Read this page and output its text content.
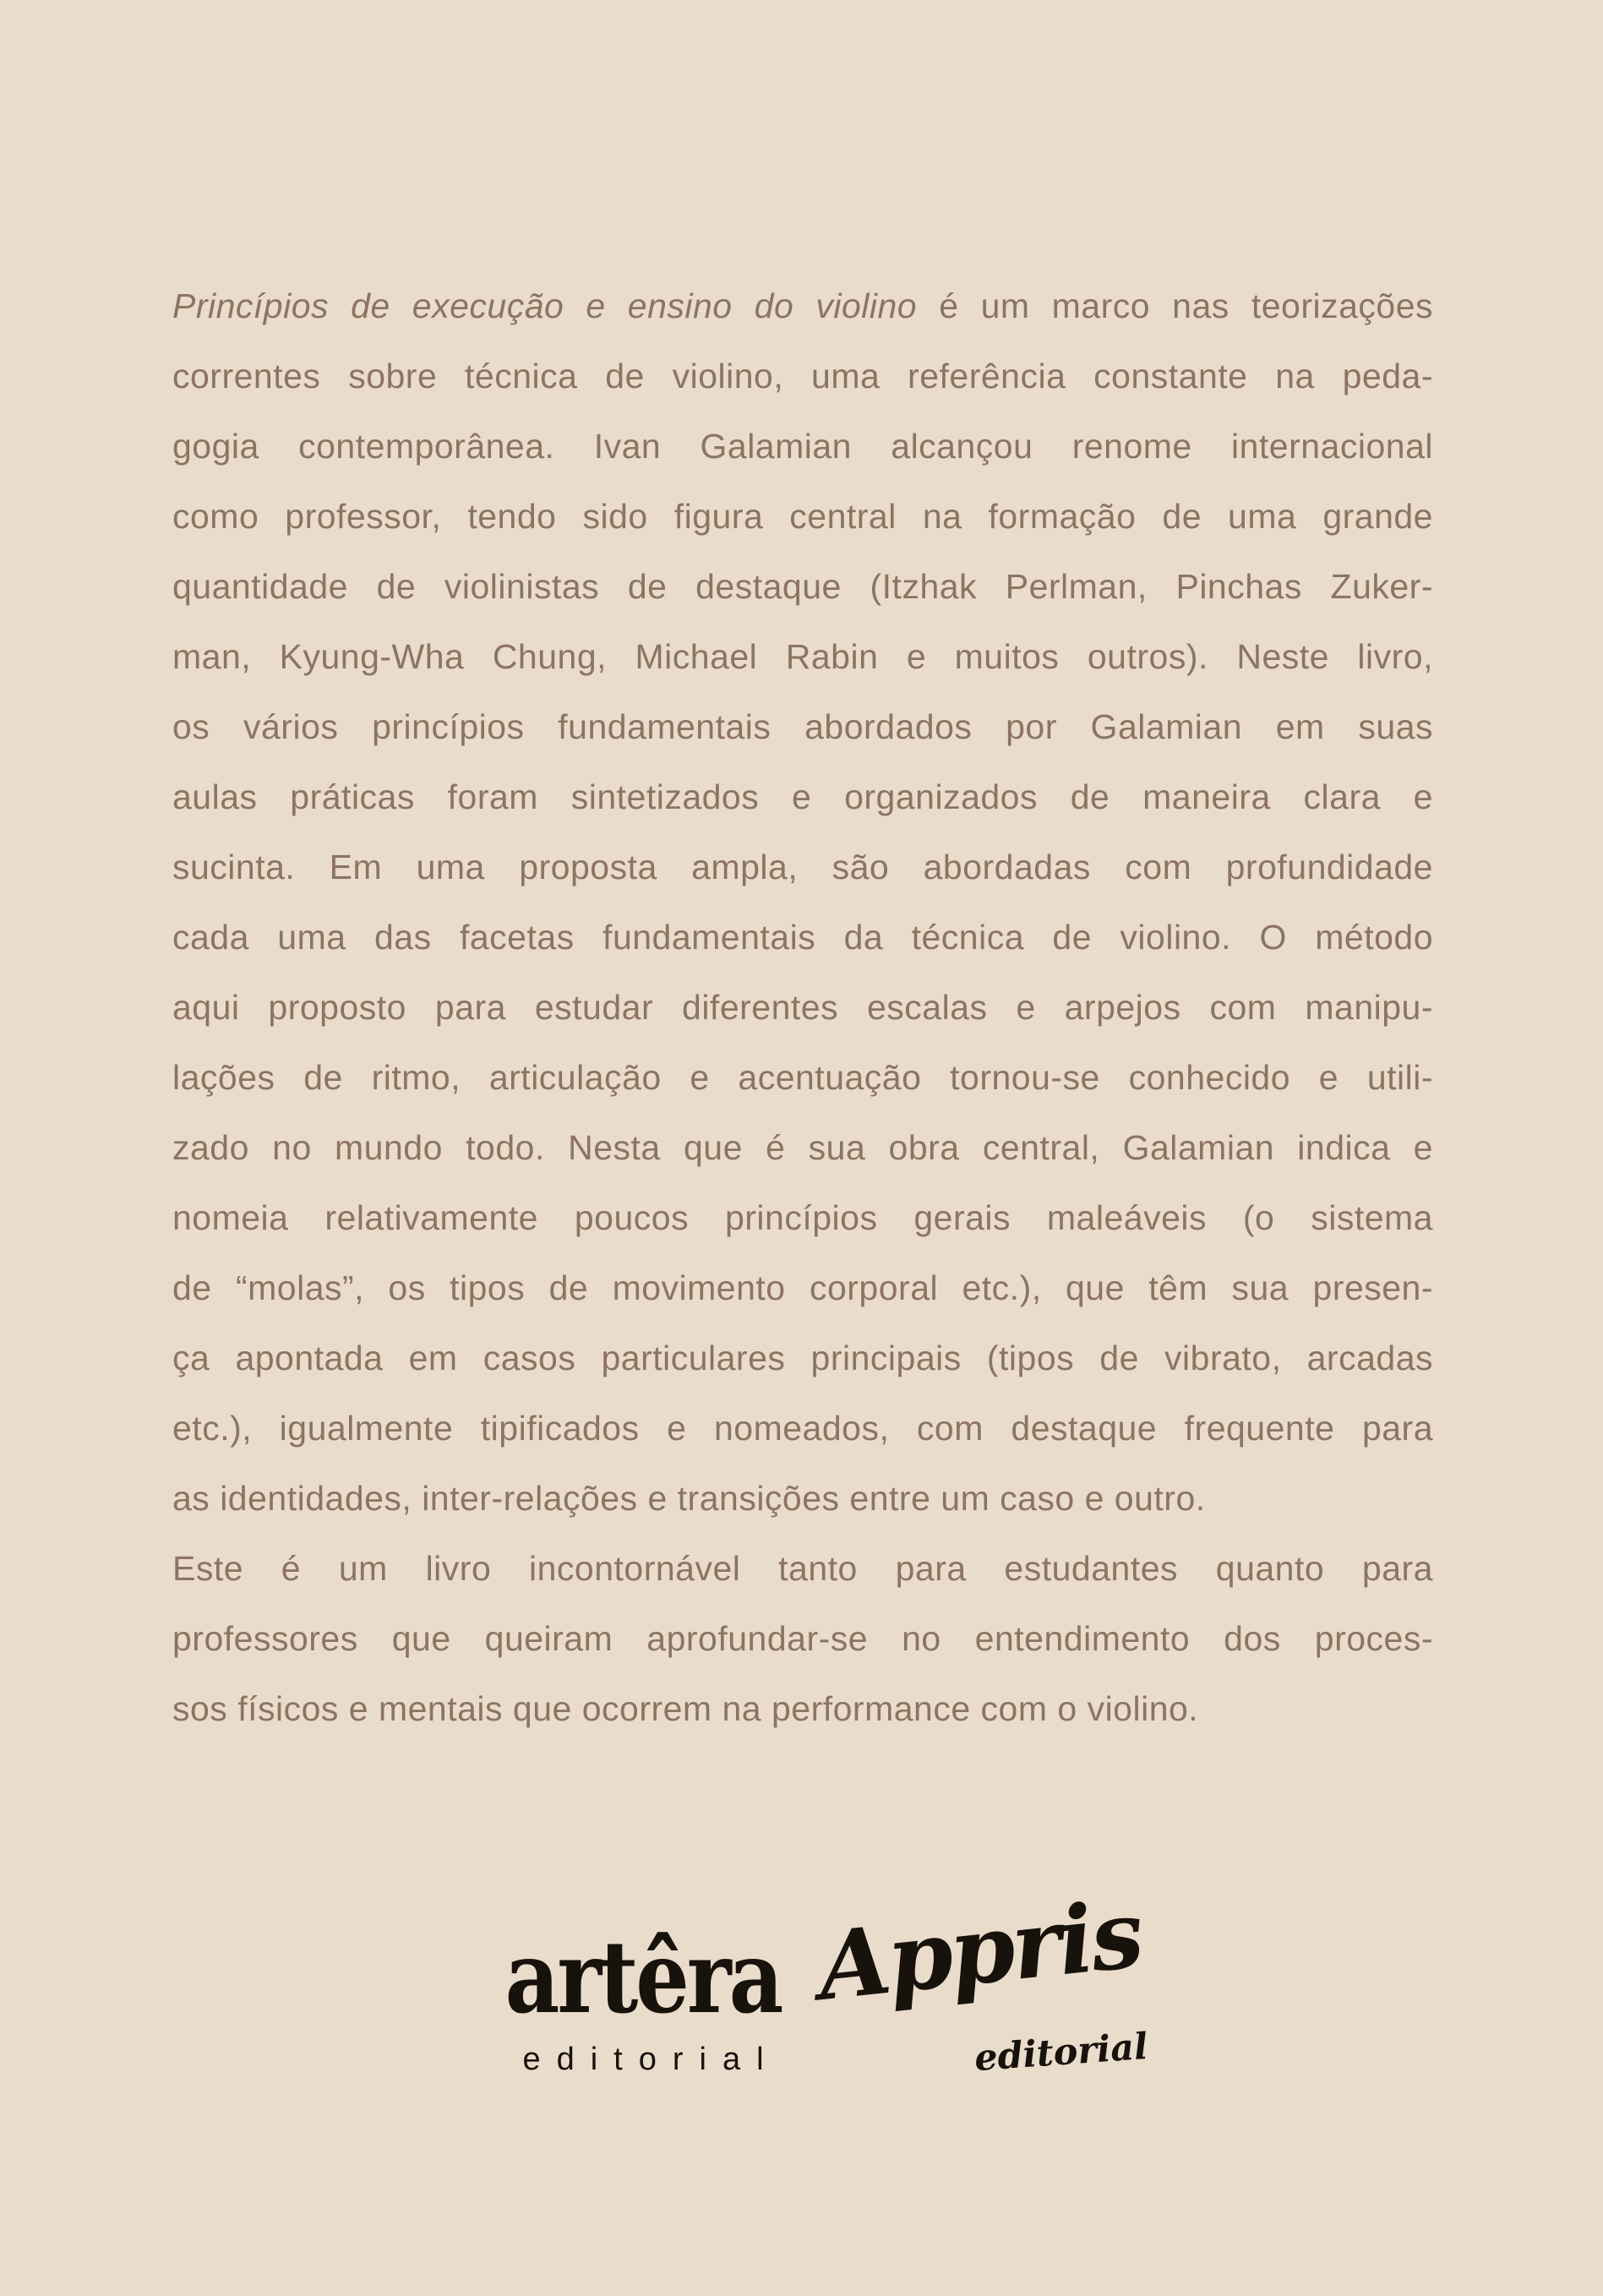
Princípios de execução e ensino do violino é um marco nas teorizações
correntes sobre técnica de violino, uma referência constante na peda-
gogia contemporânea. Ivan Galamian alcançou renome internacional
como professor, tendo sido figura central na formação de uma grande
quantidade de violinistas de destaque (Itzhak Perlman, Pinchas Zuker-
man, Kyung-Wha Chung, Michael Rabin e muitos outros). Neste livro,
os vários princípios fundamentais abordados por Galamian em suas
aulas práticas foram sintetizados e organizados de maneira clara e
sucinta. Em uma proposta ampla, são abordadas com profundidade
cada uma das facetas fundamentais da técnica de violino. O método
aqui proposto para estudar diferentes escalas e arpejos com manipu-
lações de ritmo, articulação e acentuação tornou-se conhecido e utili-
zado no mundo todo. Nesta que é sua obra central, Galamian indica e
nomeia relativamente poucos princípios gerais maleáveis (o sistema
de “molas”, os tipos de movimento corporal etc.), que têm sua presen-
ça apontada em casos particulares principais (tipos de vibrato, arcadas
etc.), igualmente tipificados e nomeados, com destaque frequente para
as identidades, inter-relações e transições entre um caso e outro.
Este é um livro incontornável tanto para estudantes quanto para
professores que queiram aprofundar-se no entendimento dos proces-
sos físicos e mentais que ocorrem na performance com o violino.
artêra
editorial
Appris
editorial
